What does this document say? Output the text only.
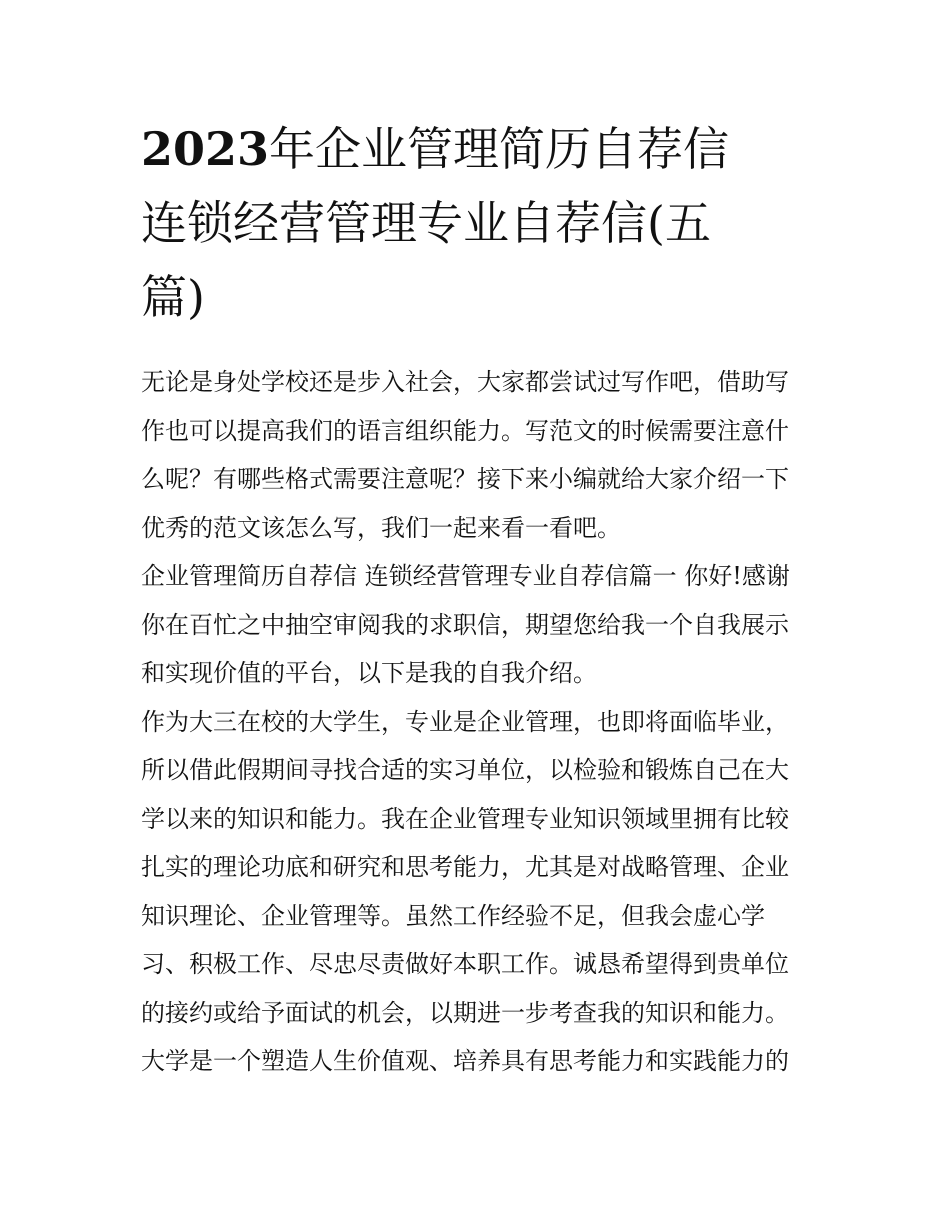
2023年企业管理简历自荐信
连锁经营管理专业自荐信(五
篇)
无论是身处学校还是步入社会，大家都尝试过写作吧，借助写
作也可以提高我们的语言组织能力。写范文的时候需要注意什
么呢？有哪些格式需要注意呢？接下来小编就给大家介绍一下
优秀的范文该怎么写，我们一起来看一看吧。
企业管理简历自荐信 连锁经营管理专业自荐信篇一 你好!感谢
你在百忙之中抽空审阅我的求职信，期望您给我一个自我展示
和实现价值的平台，以下是我的自我介绍。
作为大三在校的大学生，专业是企业管理，也即将面临毕业，
所以借此假期间寻找合适的实习单位，以检验和锻炼自己在大
学以来的知识和能力。我在企业管理专业知识领域里拥有比较
扎实的理论功底和研究和思考能力，尤其是对战略管理、企业
知识理论、企业管理等。虽然工作经验不足，但我会虚心学
习、积极工作、尽忠尽责做好本职工作。诚恳希望得到贵单位
的接约或给予面试的机会，以期进一步考查我的知识和能力。
大学是一个塑造人生价值观、培养具有思考能力和实践能力的
